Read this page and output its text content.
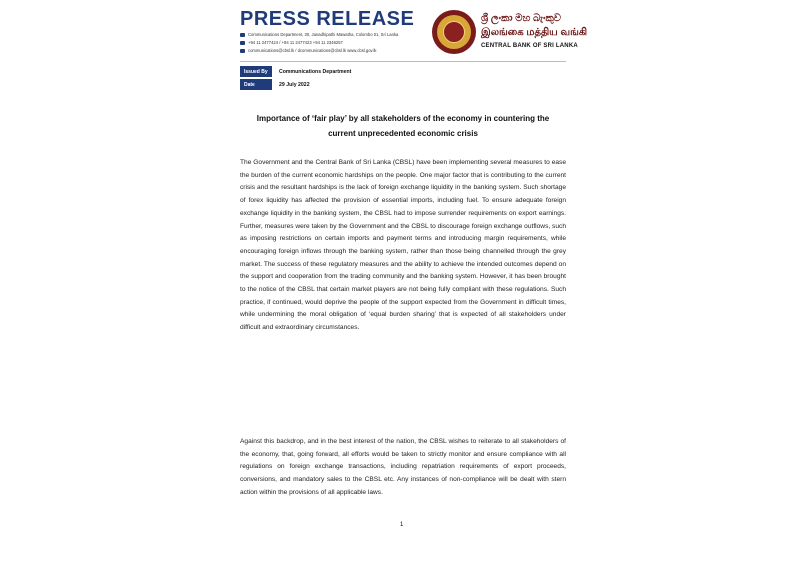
PRESS RELEASE
Communications Department, 30, Janadhipathi Mawatha, Colombo 01, Sri Lanka
+94 11 2477424 / +94 11 2477423 +94 11 2346257
communications@cbsl.lk / dcommunications@cbsl.lk www.cbsl.gov.lk
ශ්‍රී ලංකා මහ බැංකුව
இலங்கை மத்திய வங்கி
CENTRAL BANK OF SRI LANKA
Issued By	Communications Department
Date	29 July 2022
Importance of ‘fair play’ by all stakeholders of the economy in countering the
current unprecedented economic crisis
The Government and the Central Bank of Sri Lanka (CBSL) have been implementing several measures to ease the burden of the current economic hardships on the people. One major factor that is contributing to the current crisis and the resultant hardships is the lack of foreign exchange liquidity in the banking system. Such shortage of forex liquidity has affected the provision of essential imports, including fuel. To ensure adequate foreign exchange liquidity in the banking system, the CBSL had to impose surrender requirements on export earnings. Further, measures were taken by the Government and the CBSL to discourage foreign exchange outflows, such as imposing restrictions on certain imports and payment terms and introducing margin requirements, while encouraging foreign inflows through the banking system, rather than those being channelled through the grey market. The success of these regulatory measures and the ability to achieve the intended outcomes depend on the support and cooperation from the trading community and the banking system. However, it has been brought to the notice of the CBSL that certain market players are not being fully compliant with these regulations. Such practice, if continued, would deprive the people of the support expected from the Government in difficult times, while undermining the moral obligation of ‘equal burden sharing’ that is expected of all stakeholders under difficult and extraordinary circumstances.
Against this backdrop, and in the best interest of the nation, the CBSL wishes to reiterate to all stakeholders of the economy, that, going forward, all efforts would be taken to strictly monitor and ensure compliance with all regulations on foreign exchange transactions, including repatriation requirements of export proceeds, conversions, and mandatory sales to the CBSL etc. Any instances of non-compliance will be dealt with stern action within the provisions of all applicable laws.
1
